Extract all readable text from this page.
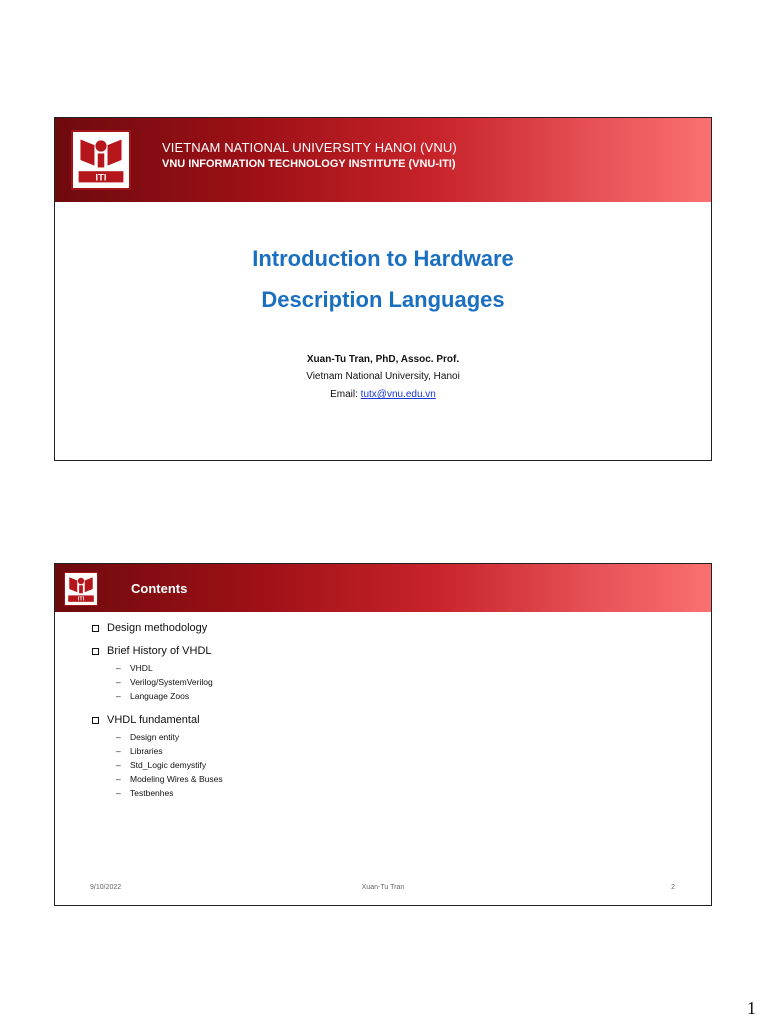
ITI
VIETNAM NATIONAL UNIVERSITY HANOI (VNU)
VNU INFORMATION TECHNOLOGY INSTITUTE (VNU-ITI)
Introduction to Hardware
Description Languages
Xuan-Tu Tran, PhD, Assoc. Prof.
Vietnam National University, Hanoi
Email: tutx@vnu.edu.vn
ITI
Contents
Design methodology
Brief History of VHDL
– VHDL
– Verilog/SystemVerilog
– Language Zoos
VHDL fundamental
– Design entity
– Libraries
– Std_Logic demystify
– Modeling Wires & Buses
– Testbenhes
9/10/2022	Xuan-Tu Tran	2
1
